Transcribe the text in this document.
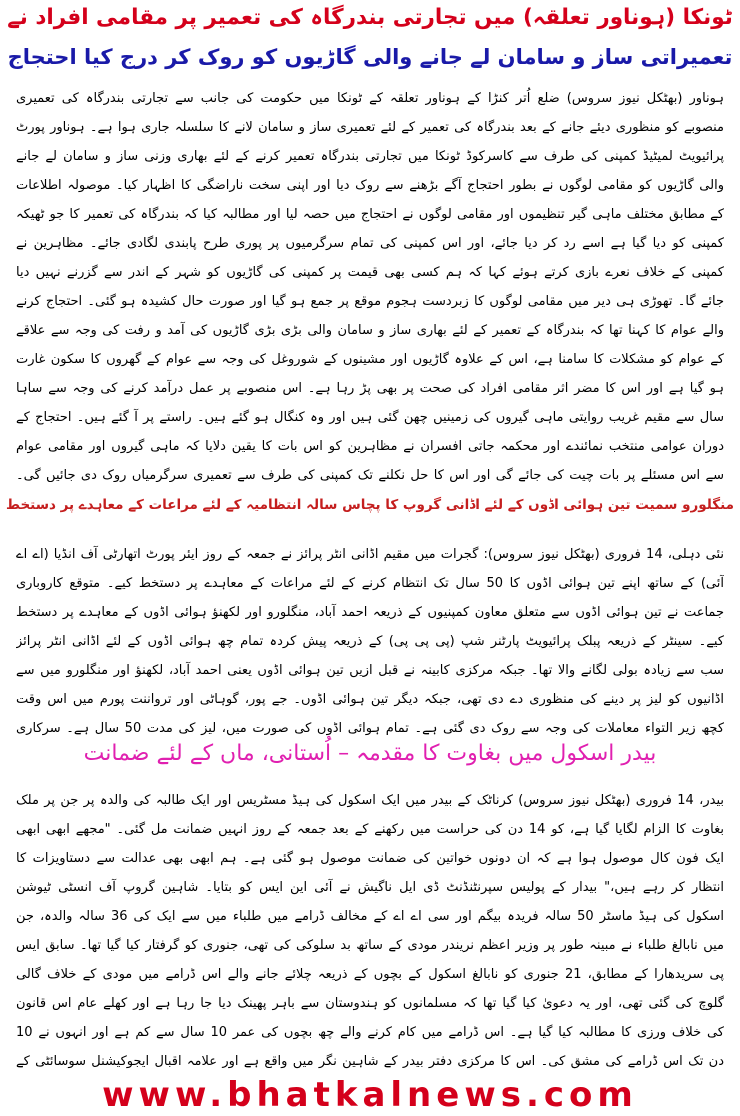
ٹونکا (ہوناور تعلقہ) میں تجارتی بندرگاہ کی تعمیر پر مقامی افراد نے
تعمیراتی ساز و سامان لے جانے والی گاڑیوں کو روک کر درج کیا احتجاج
ہوناور (بھٹکل نیوز سروس) ضلع اُتر کنڑا کے ہوناور تعلقہ کے ٹونکا میں حکومت کی جانب سے تجارتی بندرگاہ کی تعمیری منصوبے کو منظوری دیئے جانے کے بعد بندرگاہ کی تعمیر کے لئے تعمیری ساز و سامان لانے کا سلسلہ جاری ہوا ہے۔ ہوناور پورٹ پرائیویٹ لمیٹیڈ کمپنی کی طرف سے کاسرکوڈ ٹونکا میں تجارتی بندرگاہ تعمیر کرنے کے لئے بھاری وزنی ساز و سامان لے جانے والی گاڑیوں کو مقامی لوگوں نے بطور احتجاج آگے بڑھنے سے روک دیا اور اپنی سخت ناراضگی کا اظہار کیا۔ موصولہ اطلاعات کے مطابق مختلف ماہی گیر تنظیموں اور مقامی لوگوں نے احتجاج میں حصہ لیا اور مطالبہ کیا کہ بندرگاہ کی تعمیر کا جو ٹھیکہ کمپنی کو دیا گیا ہے اسے رد کر دیا جائے، اور اس کمپنی کی تمام سرگرمیوں پر پوری طرح پابندی لگادی جائے۔ مظاہرین نے کمپنی کے خلاف نعرے بازی کرتے ہوئے کہا کہ ہم کسی بھی قیمت پر کمپنی کی گاڑیوں کو شہر کے اندر سے گزرنے نہیں دیا جائے گا۔ تھوڑی ہی دیر میں مقامی لوگوں کا زبردست ہجوم موقع پر جمع ہو گیا اور صورت حال کشیدہ ہو گئی۔ احتجاج کرنے والے عوام کا کہنا تھا کہ بندرگاہ کے تعمیر کے لئے بھاری ساز و سامان والی بڑی بڑی گاڑیوں کی آمد و رفت کی وجہ سے علاقے کے عوام کو مشکلات کا سامنا ہے، اس کے علاوہ گاڑیوں اور مشینوں کے شوروغل کی وجہ سے عوام کے گھروں کا سکون غارت ہو گیا ہے اور اس کا مضر اثر مقامی افراد کی صحت پر بھی پڑ رہا ہے۔ اس منصوبے پر عمل درآمد کرنے کی وجہ سے ساہا سال سے مقیم غریب روایتی ماہی گیروں کی زمینیں چھن گئی ہیں اور وہ کنگال ہو گئے ہیں۔ راستے پر آ گئے ہیں۔ احتجاج کے دوران عوامی منتخب نمائندے اور محکمہ جاتی افسران نے مظاہرین کو اس بات کا یقین دلایا کہ ماہی گیروں اور مقامی عوام سے اس مسئلے پر بات چیت کی جائے گی اور اس کا حل نکلنے تک کمپنی کی طرف سے تعمیری سرگرمیاں روک دی جائیں گی۔
منگلورو سمیت تین ہوائی اڈوں کے لئے اڈانی گروپ کا پچاس سالہ انتظامیہ کے لئے مراعات کے معاہدے پر دستخط
نئی دہلی، 14 فروری (بھٹکل نیوز سروس): گجرات میں مقیم اڈانی انٹر پرائز نے جمعہ کے روز ایئر پورٹ اتھارٹی آف انڈیا (اے اے آئی) کے ساتھ اپنے تین ہوائی اڈوں کا 50 سال تک انتظام کرنے کے لئے مراعات کے معاہدے پر دستخط کیے۔ متوقع کاروباری جماعت نے تین ہوائی اڈوں سے متعلق معاون کمپنیوں کے ذریعہ احمد آباد، منگلورو اور لکھنؤ ہوائی اڈوں کے معاہدے پر دستخط کیے۔ سینٹر کے ذریعہ پبلک پرائیویٹ پارٹنر شپ (پی پی پی) کے ذریعہ پیش کردہ تمام چھ ہوائی اڈوں کے لئے اڈانی انٹر پرائز سب سے زیادہ بولی لگانے والا تھا۔ جبکہ مرکزی کابینہ نے قبل ازیں تین ہوائی اڈوں یعنی احمد آباد، لکھنؤ اور منگلورو میں سے اڈانیوں کو لیز پر دینے کی منظوری دے دی تھی، جبکہ دیگر تین ہوائی اڈوں۔ جے پور، گوہاٹی اور ترواننت پورم میں اس وقت کچھ زیر التواء معاملات کی وجہ سے روک دی گئی ہے۔ تمام ہوائی اڈوں کی صورت میں، لیز کی مدت 50 سال ہے۔ سرکاری
بیدر اسکول میں بغاوت کا مقدمہ – اُستانی، ماں کے لئے ضمانت
بیدر، 14 فروری (بھٹکل نیوز سروس) کرناٹک کے بیدر میں ایک اسکول کی ہیڈ مسٹریس اور ایک طالبہ کی والدہ پر جن پر ملک بغاوت کا الزام لگایا گیا ہے، کو 14 دن کی حراست میں رکھنے کے بعد جمعہ کے روز انہیں ضمانت مل گئی۔ "مجھے ابھی ابھی ایک فون کال موصول ہوا ہے کہ ان دونوں خواتین کی ضمانت موصول ہو گئی ہے۔ ہم ابھی بھی عدالت سے دستاویزات کا انتظار کر رہے ہیں،" بیدار کے پولیس سپرنٹنڈنٹ ڈی ایل ناگیش نے آئی این ایس کو بتایا۔ شاہین گروپ آف انسٹی ٹیوشن اسکول کی ہیڈ ماسٹر 50 سالہ فریدہ بیگم اور سی اے اے کے مخالف ڈرامے میں طلباء میں سے ایک کی 36 سالہ والدہ، جن میں نابالغ طلباء نے مبینہ طور پر وزیر اعظم نریندر مودی کے ساتھ بد سلوکی کی تھی، جنوری کو گرفتار کیا گیا تھا۔ سابق ایس پی سریدھارا کے مطابق، 21 جنوری کو نابالغ اسکول کے بچوں کے ذریعہ چلائے جانے والے اس ڈرامے میں مودی کے خلاف گالی گلوچ کی گئی تھی، اور یہ دعویٰ کیا گیا تھا کہ مسلمانوں کو ہندوستان سے باہر پھینک دیا جا رہا ہے اور کھلے عام اس قانون کی خلاف ورزی کا مطالبہ کیا گیا ہے۔ اس ڈرامے میں کام کرنے والے چھ بچوں کی عمر 10 سال سے کم ہے اور انہوں نے 10 دن تک اس ڈرامے کی مشق کی۔ اس کا مرکزی دفتر بیدر کے شاہین نگر میں واقع ہے اور علامہ اقبال ایجوکیشنل سوسائٹی کے
www.bhatkalnews.com
